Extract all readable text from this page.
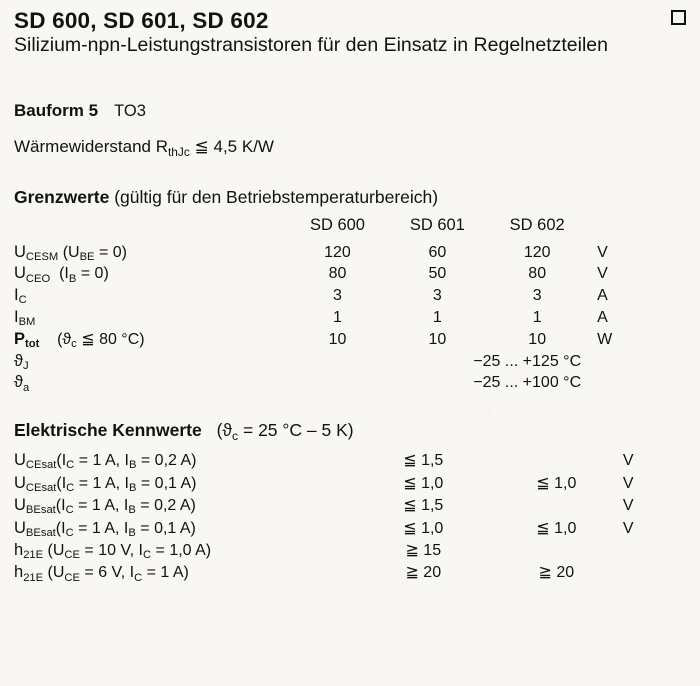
SD 600, SD 601, SD 602
Silizium-npn-Leistungstransistoren für den Einsatz in Regelnetzteilen
Bauform 5 TO3
Wärmewiderstand $R_{thJc}$ ≦ 4,5 K/W
Grenzwerte (gültig für den Betriebstemperaturbereich)
	SD 600	SD 601	SD 602	
$U_{CESM}$ $(U_{BE} = 0)$	120	60	120	V
$U_{CEO}$ $(I_B = 0)$	80	50	80	V
$I_C$	3	3	3	A
$I_{BM}$	1	1	1	A
$P_{tot}$ ($ϑ_c$ ≦ 80 °C)	10	10	10	W
$ϑ_J$		−25 ... +125 °C		
$ϑ_a$		−25 ... +100 °C		
Elektrische Kennwerte ($ϑ_c = 25$ °C – 5 K)
$U_{CEsat}(I_C = 1$ A, $I_B = 0,2$ A)	≦ 1,5		V
$U_{CEsat}(I_C = 1$ A, $I_B = 0,1$ A)	≦ 1,0	≦ 1,0	V
$U_{BEsat}(I_C = 1$ A, $I_B = 0,2$ A)	≦ 1,5		V
$U_{BEsat}(I_C = 1$ A, $I_B = 0,1$ A)	≦ 1,0	≦ 1,0	V
$h_{21E}$ ($U_{CE} = 10$ V, $I_C = 1,0$ A)	≧ 15		
$h_{21E}$ ($U_{CE} = 6$ V, $I_C = 1$ A)	≧ 20	≧ 20	
